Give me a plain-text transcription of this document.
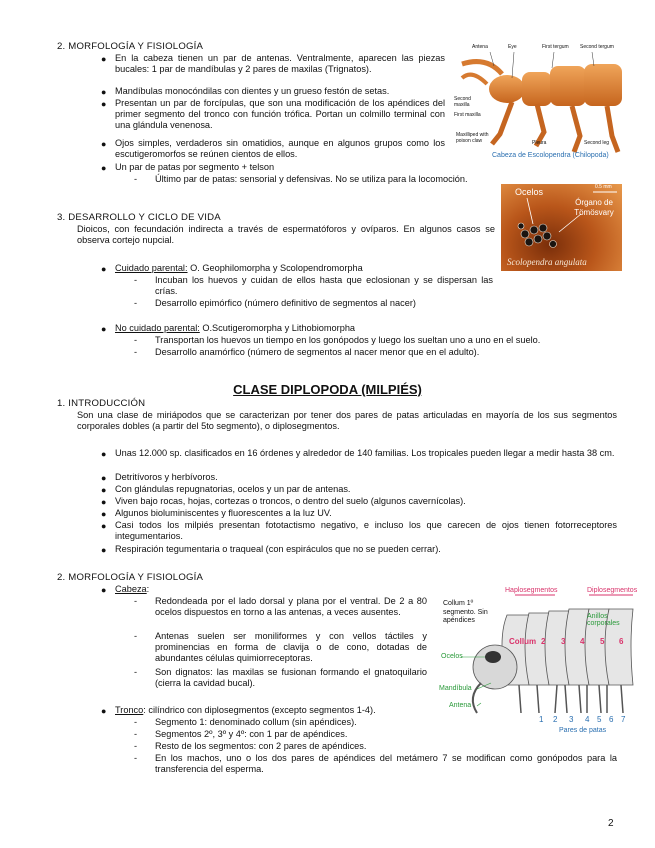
2. MORFOLOGÍA Y FISIOLOGÍA
● En la cabeza tienen un par de antenas. Ventralmente, aparecen las piezas bucales: 1 par de mandíbulas y 2 pares de maxilas (Trignatos).
● Mandíbulas monocóndilas con dientes y un grueso festón de setas.
● Presentan un par de forcípulas, que son una modificación de los apéndices del primer segmento del tronco con función trófica. Portan un colmillo terminal con una glándula venenosa.
● Ojos simples, verdaderos sin omatidios, aunque en algunos grupos como los escutigeromorfos se reúnen cientos de ellos.
● Un par de patas por segmento + telson
- Último par de patas: sensorial y defensivas. No se utiliza para la locomoción.
Antena	Eye	First tergum Second tergum
Second maxilla
First maxilla
Maxilliped with poison claw	Pleura	Second leg
Cabeza de Escolopendra (Chilopoda)
Ocelos	0.5 mm
Órgano de Tömösvary
Scolopendra angulata
3. DESARROLLO Y CICLO DE VIDA
Dioicos, con fecundación indirecta a través de espermatóforos y ovíparos. En algunos casos se observa cortejo nupcial.
● Cuidado parental: O. Geophilomorpha y Scolopendromorpha
- Incuban los huevos y cuidan de ellos hasta que eclosionan y se dispersan las crías.
- Desarrollo epimórfico (número definitivo de segmentos al nacer)
● No cuidado parental: O.Scutigeromorpha y Lithobiomorpha
- Transportan los huevos un tiempo en los gonópodos y luego los sueltan uno a uno en el suelo.
- Desarrollo anamórfico (número de segmentos al nacer menor que en el adulto).
CLASE DIPLOPODA (MILPIÉS)
1. INTRODUCCIÓN
Son una clase de miriápodos que se caracterizan por tener dos pares de patas articuladas en mayoría de los sus segmentos corporales dobles (a partir del 5to segmento), o diplosegmentos.
● Unas 12.000 sp. clasificados en 16 órdenes y alrededor de 140 familias. Los tropicales pueden llegar a medir hasta 38 cm.
● Detritívoros y herbívoros.
● Con glándulas repugnatorias, ocelos y un par de antenas.
● Viven bajo rocas, hojas, cortezas o troncos, o dentro del suelo (algunos cavernícolas).
● Algunos bioluminiscentes y fluorescentes a la luz UV.
● Casi todos los milpiés presentan fototactismo negativo, e incluso los que carecen de ojos tienen fotorreceptores integumentarios.
● Respiración tegumentaria o traqueal (con espiráculos que no se pueden cerrar).
2. MORFOLOGÍA Y FISIOLOGÍA
● Cabeza:
- Redondeada por el lado dorsal y plana por el ventral. De 2 a 80 ocelos dispuestos en torno a las antenas, a veces ausentes.
- Antenas suelen ser moniliformes y con vellos táctiles y prominencias en forma de clavija o de cono, dotadas de abundantes células quimiorreceptoras.
- Son dignatos: las maxilas se fusionan formando el gnatoquilario (cierra la cavidad bucal).
● Tronco: cilíndrico con diplosegmentos (excepto segmentos 1-4).
- Segmento 1: denominado collum (sin apéndices).
- Segmentos 2º, 3º y 4º: con 1 par de apéndices.
- Resto de los segmentos: con 2 pares de apéndices.
- En los machos, uno o los dos pares de apéndices del metámero 7 se modifican como gonópodos para la transferencia del esperma.
Haplosegmentos	Diplosegmentos
Collum 1º segmento. Sin apéndices
Anillos corporales
Collum 2 3 4 5 6
Ocelos
Mandíbula
Antena
1 2 3 4 5 6 7
Pares de patas
2
